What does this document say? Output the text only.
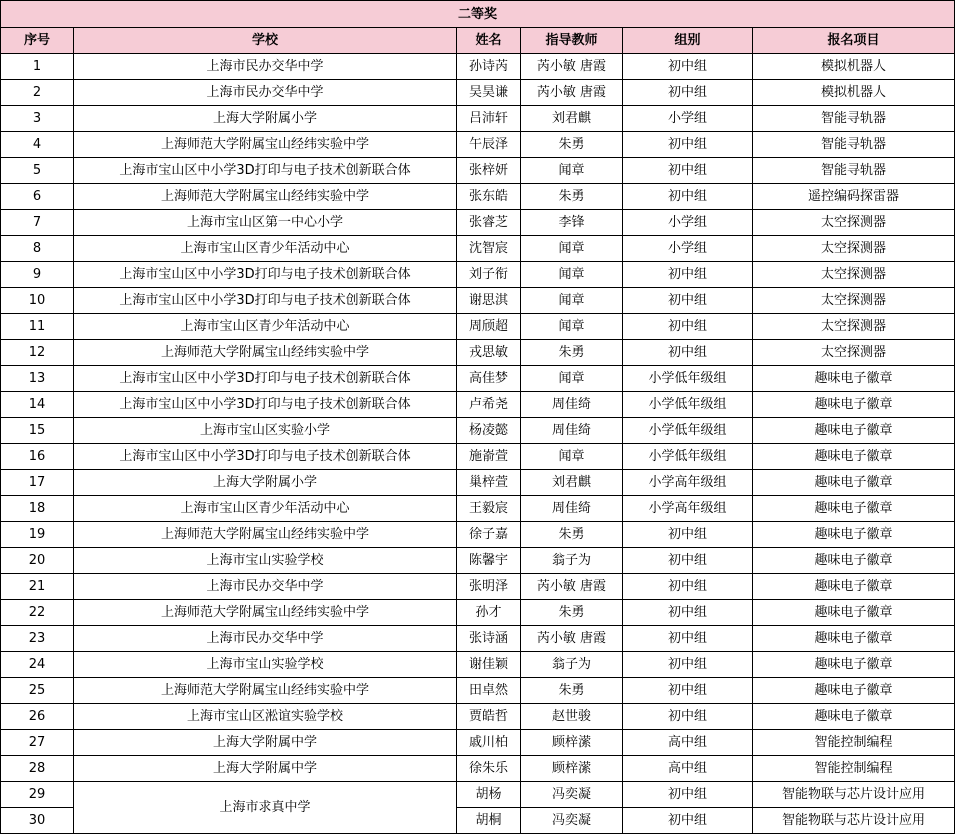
二等奖					
序号	学校	姓名	指导教师	组别	报名项目
1	上海市民办交华中学	孙诗芮	芮小敏 唐霞	初中组	模拟机器人
2	上海市民办交华中学	吴昊谦	芮小敏 唐霞	初中组	模拟机器人
3	上海大学附属小学	吕沛轩	刘君麒	小学组	智能寻轨器
4	上海师范大学附属宝山经纬实验中学	午辰泽	朱勇	初中组	智能寻轨器
5	上海市宝山区中小学3D打印与电子技术创新联合体	张梓妍	闻章	初中组	智能寻轨器
6	上海师范大学附属宝山经纬实验中学	张东皓	朱勇	初中组	遥控编码探雷器
7	上海市宝山区第一中心小学	张睿芝	李锋	小学组	太空探测器
8	上海市宝山区青少年活动中心	沈智宸	闻章	小学组	太空探测器
9	上海市宝山区中小学3D打印与电子技术创新联合体	刘子衔	闻章	初中组	太空探测器
10	上海市宝山区中小学3D打印与电子技术创新联合体	谢思淇	闻章	初中组	太空探测器
11	上海市宝山区青少年活动中心	周颀超	闻章	初中组	太空探测器
12	上海师范大学附属宝山经纬实验中学	戎思敏	朱勇	初中组	太空探测器
13	上海市宝山区中小学3D打印与电子技术创新联合体	高佳梦	闻章	小学低年级组	趣味电子徽章
14	上海市宝山区中小学3D打印与电子技术创新联合体	卢希尧	周佳绮	小学低年级组	趣味电子徽章
15	上海市宝山区实验小学	杨凌懿	周佳绮	小学低年级组	趣味电子徽章
16	上海市宝山区中小学3D打印与电子技术创新联合体	施嵛萱	闻章	小学低年级组	趣味电子徽章
17	上海大学附属小学	巢梓萱	刘君麒	小学高年级组	趣味电子徽章
18	上海市宝山区青少年活动中心	王毅宸	周佳绮	小学高年级组	趣味电子徽章
19	上海师范大学附属宝山经纬实验中学	徐子嘉	朱勇	初中组	趣味电子徽章
20	上海市宝山实验学校	陈馨宇	翁子为	初中组	趣味电子徽章
21	上海市民办交华中学	张明泽	芮小敏 唐霞	初中组	趣味电子徽章
22	上海师范大学附属宝山经纬实验中学	孙才	朱勇	初中组	趣味电子徽章
23	上海市民办交华中学	张诗涵	芮小敏 唐霞	初中组	趣味电子徽章
24	上海市宝山实验学校	谢佳颖	翁子为	初中组	趣味电子徽章
25	上海师范大学附属宝山经纬实验中学	田卓然	朱勇	初中组	趣味电子徽章
26	上海市宝山区淞谊实验学校	贾皓哲	赵世骏	初中组	趣味电子徽章
27	上海大学附属中学	戚川柏	顾梓潆	高中组	智能控制编程
28	上海大学附属中学	徐朱乐	顾梓潆	高中组	智能控制编程
29	上海市求真中学	胡杨	冯奕凝	初中组	智能物联与芯片设计应用
30		胡桐	冯奕凝	初中组	智能物联与芯片设计应用
